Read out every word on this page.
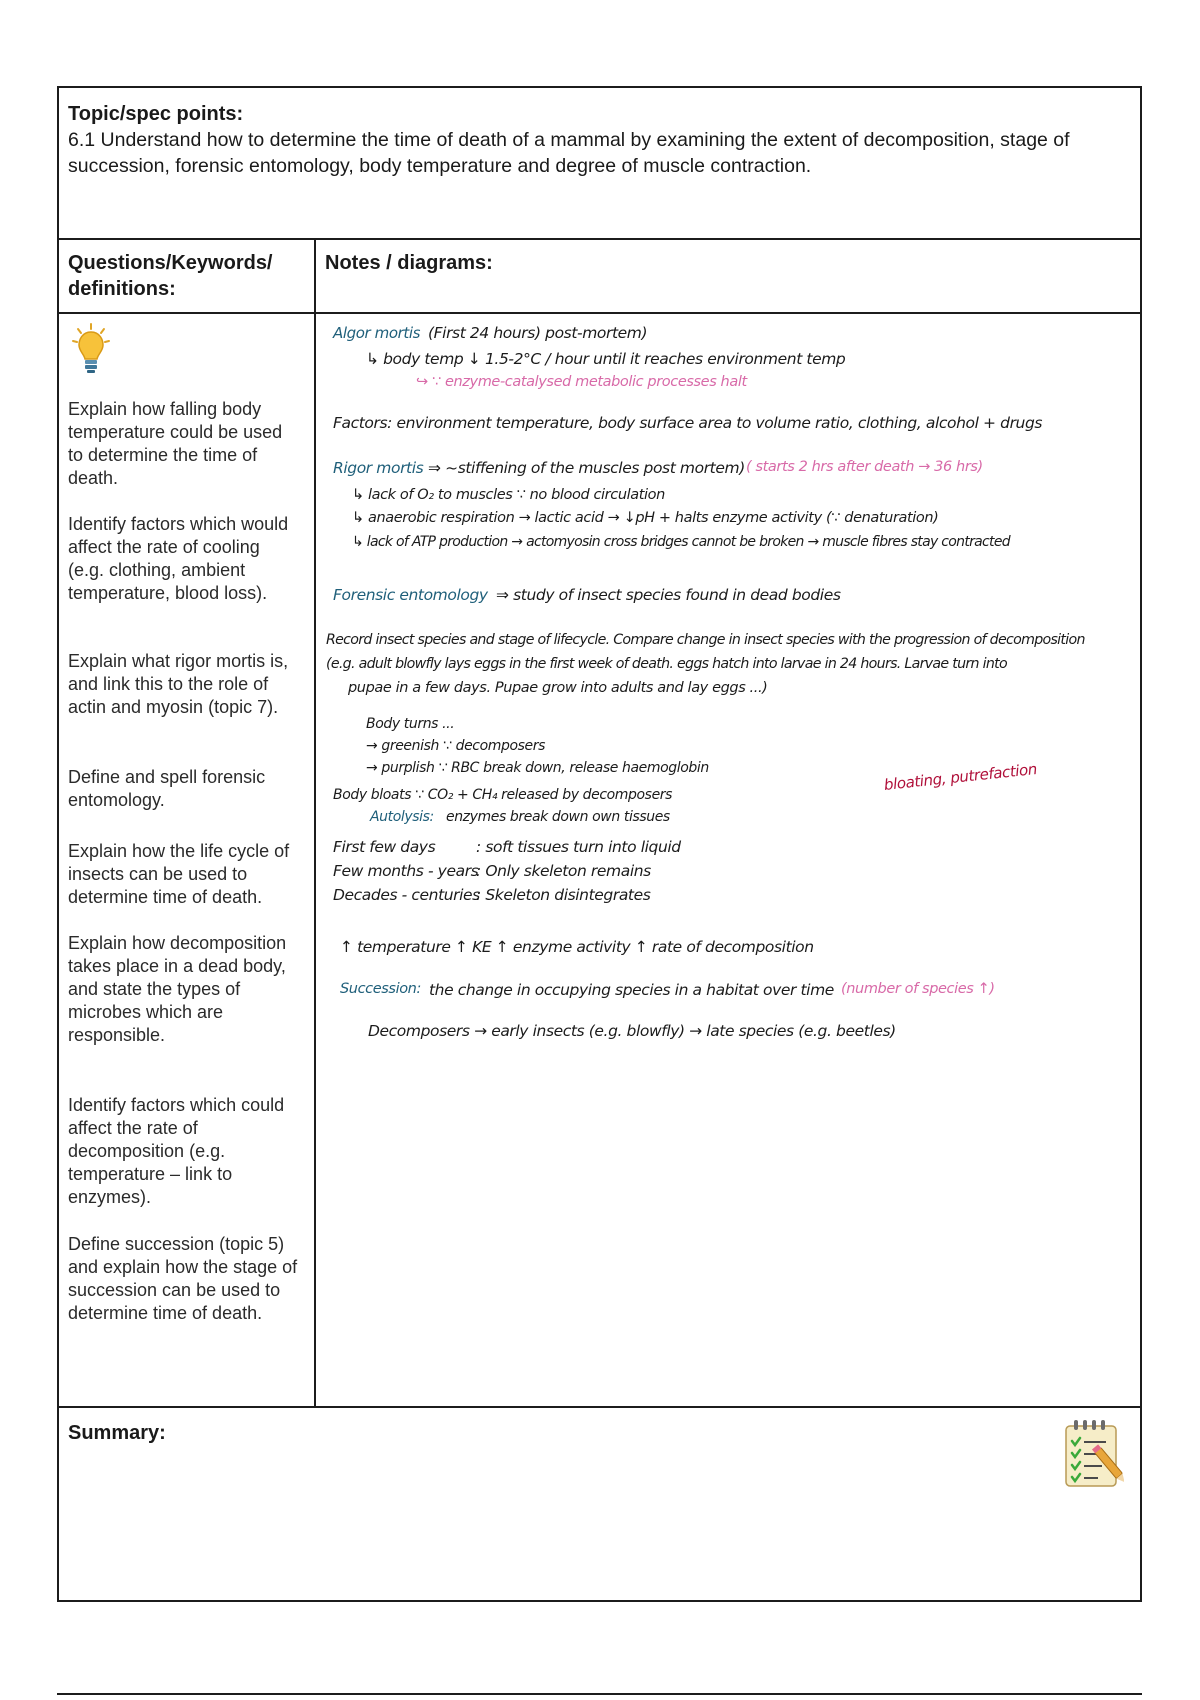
Topic/spec points:
6.1 Understand how to determine the time of death of a mammal by examining the extent of decomposition, stage of succession, forensic entomology, body temperature and degree of muscle contraction.
Questions/Keywords/ definitions:
Notes / diagrams:
Explain how falling body temperature could be used to determine the time of death.
Identify factors which would affect the rate of cooling (e.g. clothing, ambient temperature, blood loss).
Explain what rigor mortis is, and link this to the role of actin and myosin (topic 7).
Define and spell forensic entomology.
Explain how the life cycle of insects can be used to determine time of death.
Explain how decomposition takes place in a dead body, and state the types of microbes which are responsible.
Identify factors which could affect the rate of decomposition (e.g. temperature – link to enzymes).
Define succession (topic 5) and explain how the stage of succession can be used to determine time of death.
Algor mortis (First 24 hours) post-mortem)
↳ body temp ↓ 1.5-2°C / hour until it reaches environment temp
↪ ∵ enzyme-catalysed metabolic processes halt
Factors: environment temperature, body surface area to volume ratio, clothing, alcohol + drugs
Rigor mortis ⇒ ~stiffening of the muscles post mortem) ( starts 2 hrs after death → 36 hrs)
↳ lack of O₂ to muscles ∵ no blood circulation
↳ anaerobic respiration → lactic acid → ↓pH + halts enzyme activity (∵ denaturation)
↳ lack of ATP production → actomyosin cross bridges cannot be broken → muscle fibres stay contracted
Forensic entomology ⇒ study of insect species found in dead bodies
Record insect species and stage of lifecycle. Compare change in insect species with the progression of decomposition
(e.g. adult blowfly lays eggs in the first week of death. eggs hatch into larvae in 24 hours. Larvae turn into
pupae in a few days. Pupae grow into adults and lay eggs ...)
Body turns ...
→ greenish ∵ decomposers
→ purplish ∵ RBC break down, release haemoglobin
Body bloats ∵ CO₂ + CH₄ released by decomposers
bloating, putrefaction
Autolysis: enzymes break down own tissues
First few days	: soft tissues turn into liquid
Few months - years
: Only skeleton remains
Decades - centuries
: Skeleton disintegrates
↑ temperature ↑ KE ↑ enzyme activity ↑ rate of decomposition
Succession: the change in occupying species in a habitat over time (number of species ↑)
Decomposers → early insects (e.g. blowfly) → late species (e.g. beetles)
Summary:
